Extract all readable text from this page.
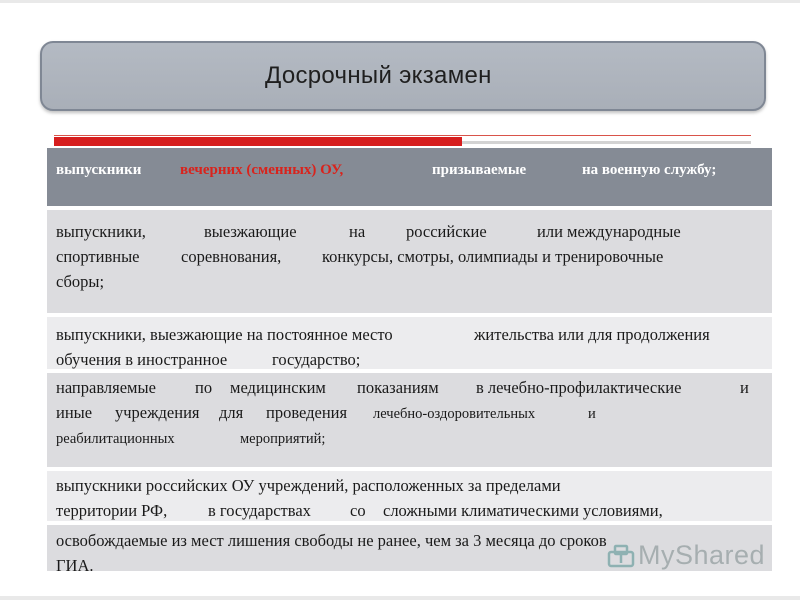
Досрочный экзамен
выпускники	вечерних (сменных) ОУ,	призываемые	на военную службу;
выпускники,	выезжающие	на российские	или международные
спортивные	соревнования, конкурсы, смотры, олимпиады и тренировочные
сборы;
выпускники, выезжающие на постоянное место	жительства или для продолжения
обучения в иностранное	государство;
направляемые по медицинским показаниям в лечебно-профилактические	и
иные учреждения для проведения лечебно-оздоровительных	и
реабилитационных	мероприятий;
выпускники российских ОУ учреждений, расположенных за пределами
территории РФ, в государствах со сложными климатическими условиями,
освобождаемые из мест лишения свободы не ранее, чем за 3 месяца до сроков
ГИА.	MyShared
